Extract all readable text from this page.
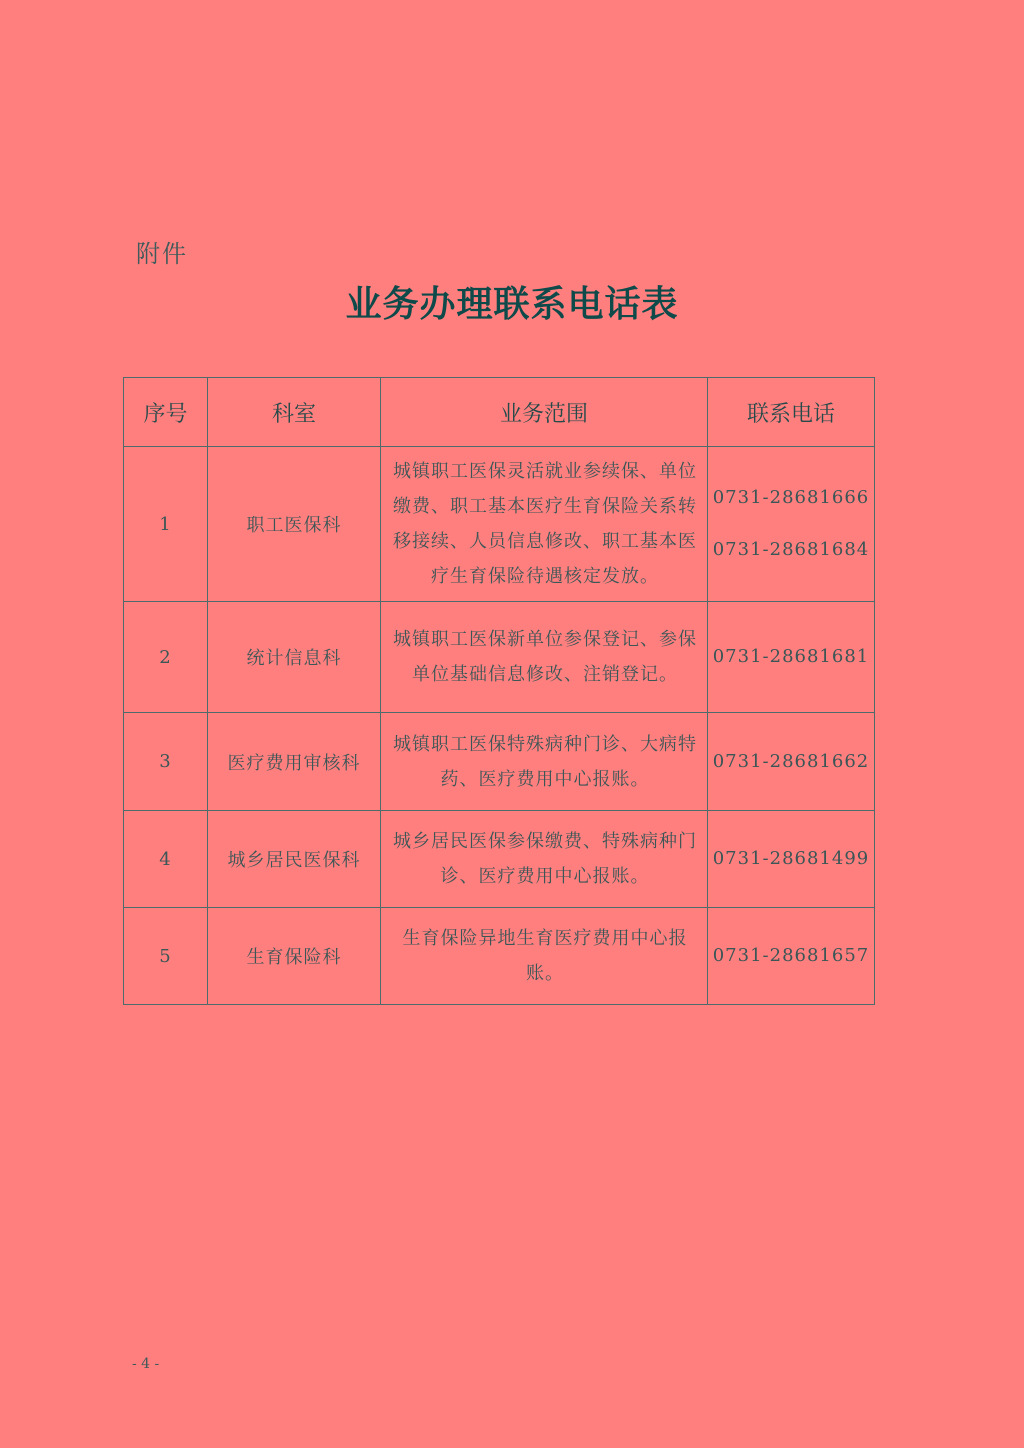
附件
业务办理联系电话表
序号	科室	业务范围	联系电话
1	职工医保科	城镇职工医保灵活就业参续保、单位缴费、职工基本医疗生育保险关系转移接续、人员信息修改、职工基本医疗生育保险待遇核定发放。	0731-28681666
0731-28681684

2	统计信息科	城镇职工医保新单位参保登记、参保单位基础信息修改、注销登记。	0731-28681681

3	医疗费用审核科	城镇职工医保特殊病种门诊、大病特药、医疗费用中心报账。	0731-28681662

4	城乡居民医保科	城乡居民医保参保缴费、特殊病种门诊、医疗费用中心报账。	0731-28681499

5	生育保险科	生育保险异地生育医疗费用中心报账。	0731-28681657
- 4 -
